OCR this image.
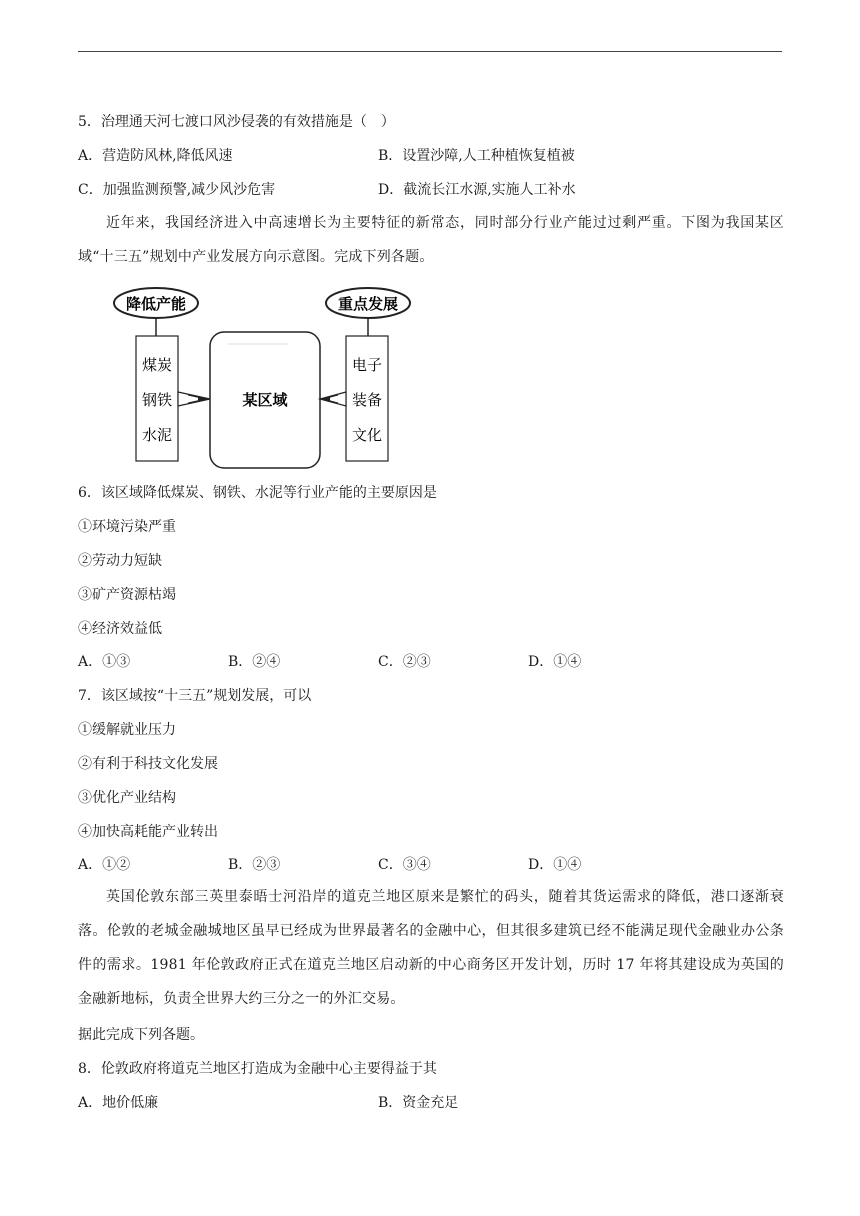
5．治理通天河七渡口风沙侵袭的有效措施是（　）
A．营造防风林,降低风速	B．设置沙障,人工种植恢复植被
C．加强监测预警,减少风沙危害	D．截流长江水源,实施人工补水
近年来，我国经济进入中高速增长为主要特征的新常态，同时部分行业产能过过剩严重。下图为我国某区域“十三五”规划中产业发展方向示意图。完成下列各题。
降低产能	重点发展
煤炭
钢铁
水泥
电子
装备
文化
某区域
6．该区域降低煤炭、钢铁、水泥等行业产能的主要原因是
①环境污染严重
②劳动力短缺
③矿产资源枯竭
④经济效益低
A．①③	B．②④	C．②③	D．①④
7．该区域按“十三五”规划发展，可以
①缓解就业压力
②有利于科技文化发展
③优化产业结构
④加快高耗能产业转出
A．①②	B．②③	C．③④	D．①④
英国伦敦东部三英里泰晤士河沿岸的道克兰地区原来是繁忙的码头，随着其货运需求的降低，港口逐渐衰落。伦敦的老城金融城地区虽早已经成为世界最著名的金融中心，但其很多建筑已经不能满足现代金融业办公条件的需求。1981 年伦敦政府正式在道克兰地区启动新的中心商务区开发计划，历时 17 年将其建设成为英国的金融新地标，负责全世界大约三分之一的外汇交易。
据此完成下列各题。
8．伦敦政府将道克兰地区打造成为金融中心主要得益于其
A．地价低廉	B．资金充足
